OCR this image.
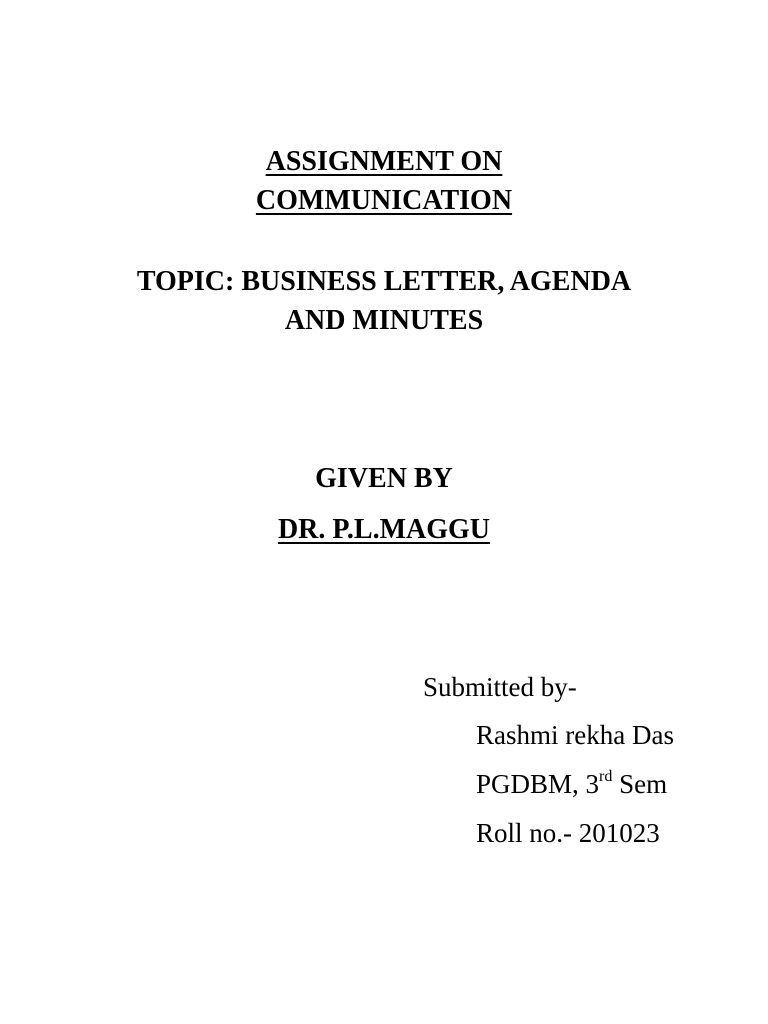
ASSIGNMENT ON
COMMUNICATION
TOPIC: BUSINESS LETTER, AGENDA
AND MINUTES
GIVEN BY
DR. P.L.MAGGU
Submitted by-
Rashmi rekha Das
PGDBM, 3rd Sem
Roll no.- 201023
